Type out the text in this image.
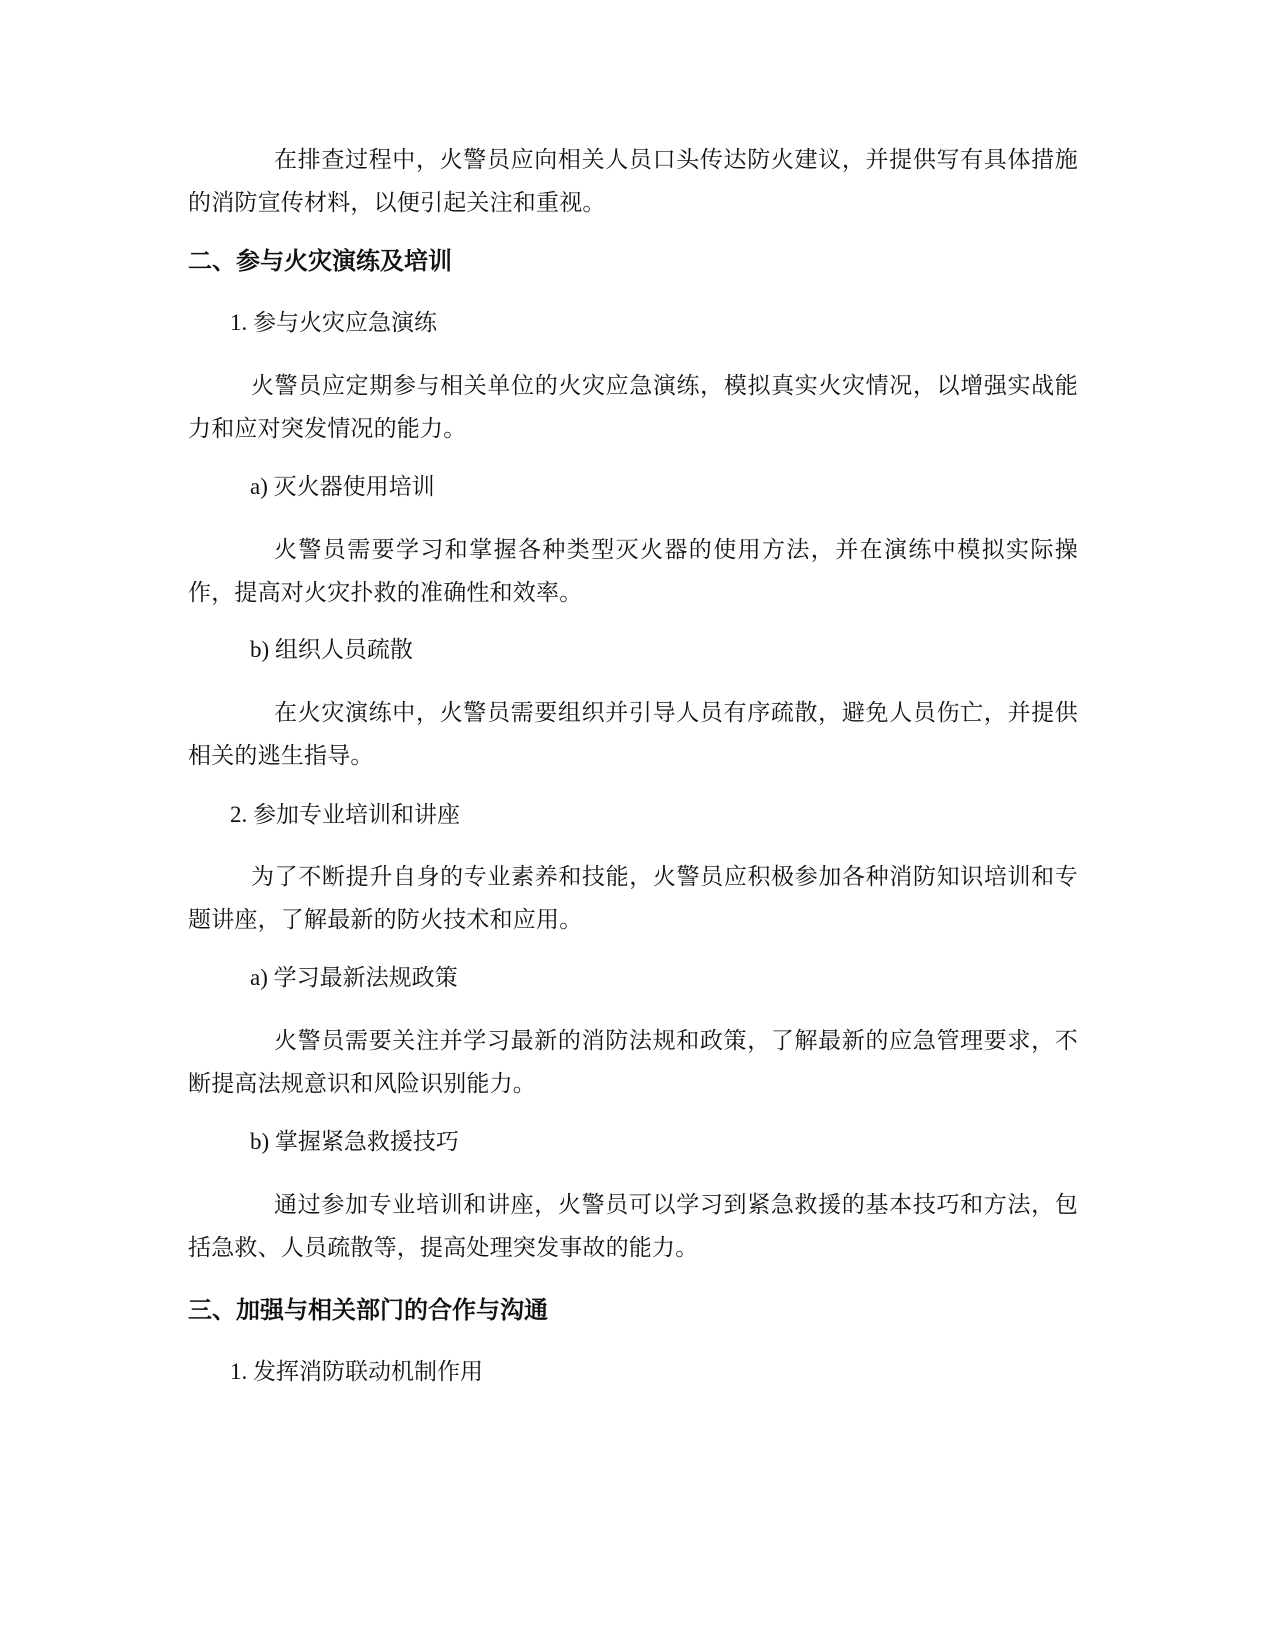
在排查过程中，火警员应向相关人员口头传达防火建议，并提供写有具体措施的消防宣传材料，以便引起关注和重视。

二、参与火灾演练及培训
1. 参与火灾应急演练

火警员应定期参与相关单位的火灾应急演练，模拟真实火灾情况，以增强实战能力和应对突发情况的能力。

a) 灭火器使用培训

火警员需要学习和掌握各种类型灭火器的使用方法，并在演练中模拟实际操作，提高对火灾扑救的准确性和效率。

b) 组织人员疏散

在火灾演练中，火警员需要组织并引导人员有序疏散，避免人员伤亡，并提供相关的逃生指导。

2. 参加专业培训和讲座

为了不断提升自身的专业素养和技能，火警员应积极参加各种消防知识培训和专题讲座，了解最新的防火技术和应用。

a) 学习最新法规政策

火警员需要关注并学习最新的消防法规和政策，了解最新的应急管理要求，不断提高法规意识和风险识别能力。

b) 掌握紧急救援技巧

通过参加专业培训和讲座，火警员可以学习到紧急救援的基本技巧和方法，包括急救、人员疏散等，提高处理突发事故的能力。

三、加强与相关部门的合作与沟通
1. 发挥消防联动机制作用
